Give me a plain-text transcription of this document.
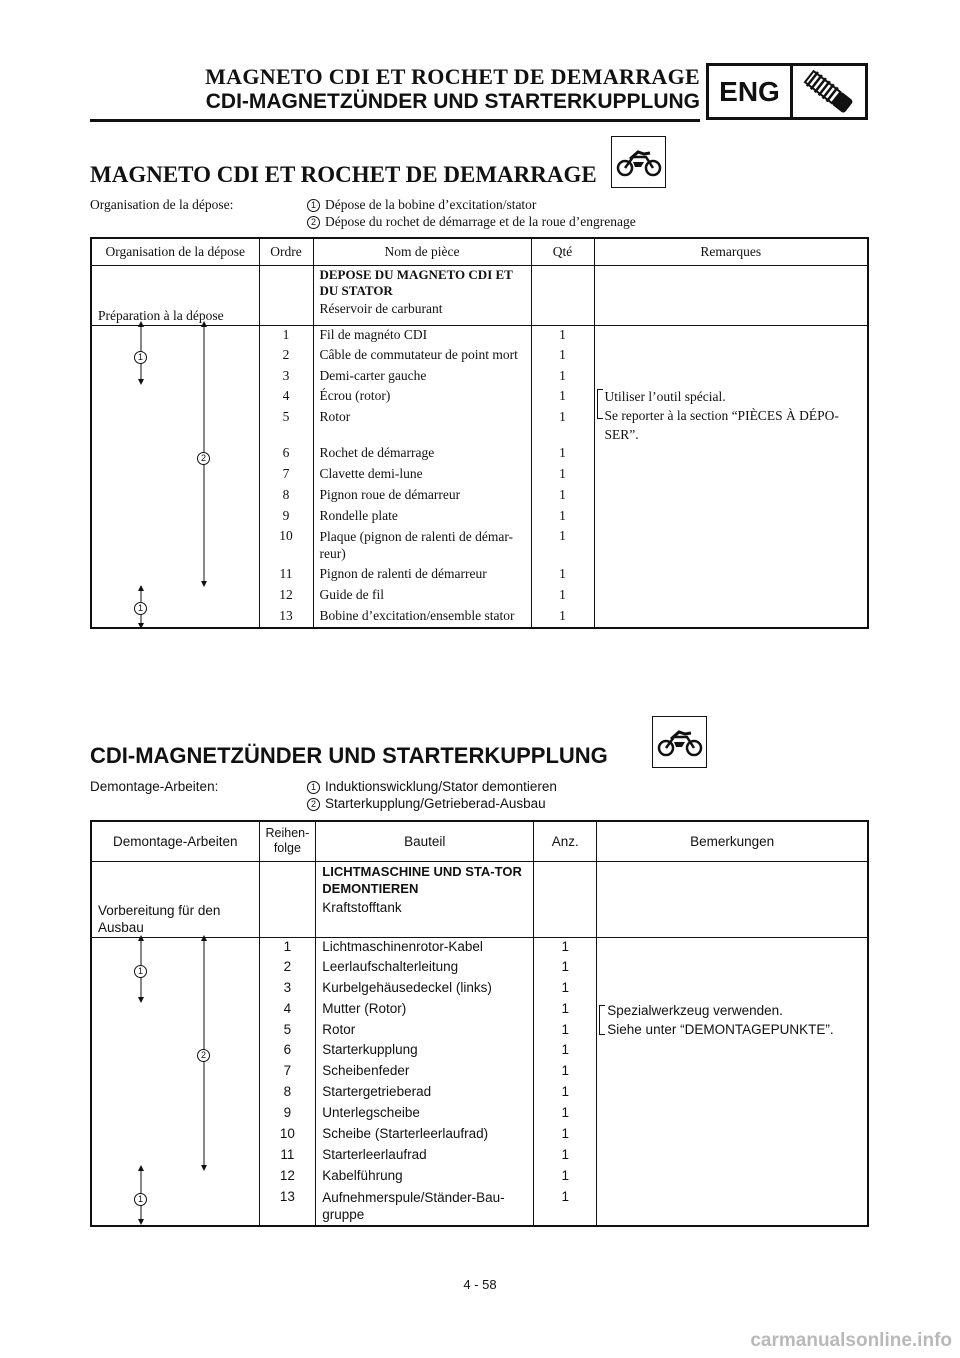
MAGNETO CDI ET ROCHET DE DEMARRAGE
CDI-MAGNETZÜNDER UND STARTERKUPPLUNG ENG
MAGNETO CDI ET ROCHET DE DEMARRAGE
Organisation de la dépose:	1 Dépose de la bobine d’excitation/stator
2 Dépose du rochet de démarrage et de la roue d’engrenage
Organisation de la dépose	Ordre	Nom de pièce	Qté	Remarques
Préparation à la dépose		DEPOSE DU MAGNETO CDI ET DU STATOR
Réservoir de carburant		

	1	Fil de magnéto CDI	1	Utiliser l’outil spécial.
Se reporter à la section “PIÈCES À DÉPO-SER”.

	2	Câble de commutateur de point mort	1	
	3	Demi-carter gauche	1	
	4	Écrou (rotor)	1	
	5	Rotor	1	
	6	Rochet de démarrage	1	
	7	Clavette demi-lune	1	
	8	Pignon roue de démarreur	1	
	9	Rondelle plate	1	
	10	Plaque (pignon de ralenti de démar-reur)	1	
	11	Pignon de ralenti de démarreur	1	
	12	Guide de fil	1	
	13	Bobine d’excitation/ensemble stator	1	
1
2
1
CDI-MAGNETZÜNDER UND STARTERKUPPLUNG
Demontage-Arbeiten:	1 Induktionswicklung/Stator demontieren
2 Starterkupplung/Getrieberad-Ausbau
Demontage-Arbeiten	Reihen-folge	Bauteil	Anz.	Bemerkungen
Vorbereitung für den Ausbau		LICHTMASCHINE UND STA-TOR DEMONTIEREN
Kraftstofftank		

	1	Lichtmaschinenrotor-Kabel	1	Spezialwerkzeug verwenden.
Siehe unter “DEMONTAGEPUNKTE”.

	2	Leerlaufschalterleitung	1	
	3	Kurbelgehäusedeckel (links)	1	
	4	Mutter (Rotor)	1	
	5	Rotor	1	
	6	Starterkupplung	1	
	7	Scheibenfeder	1	
	8	Startergetrieberad	1	
	9	Unterlegscheibe	1	
	10	Scheibe (Starterleerlaufrad)	1	
	11	Starterleerlaufrad	1	
	12	Kabelführung	1	
	13	Aufnehmerspule/Ständer-Bau-gruppe	1	
1
2
1
4 - 58
carmanualsonline.info
